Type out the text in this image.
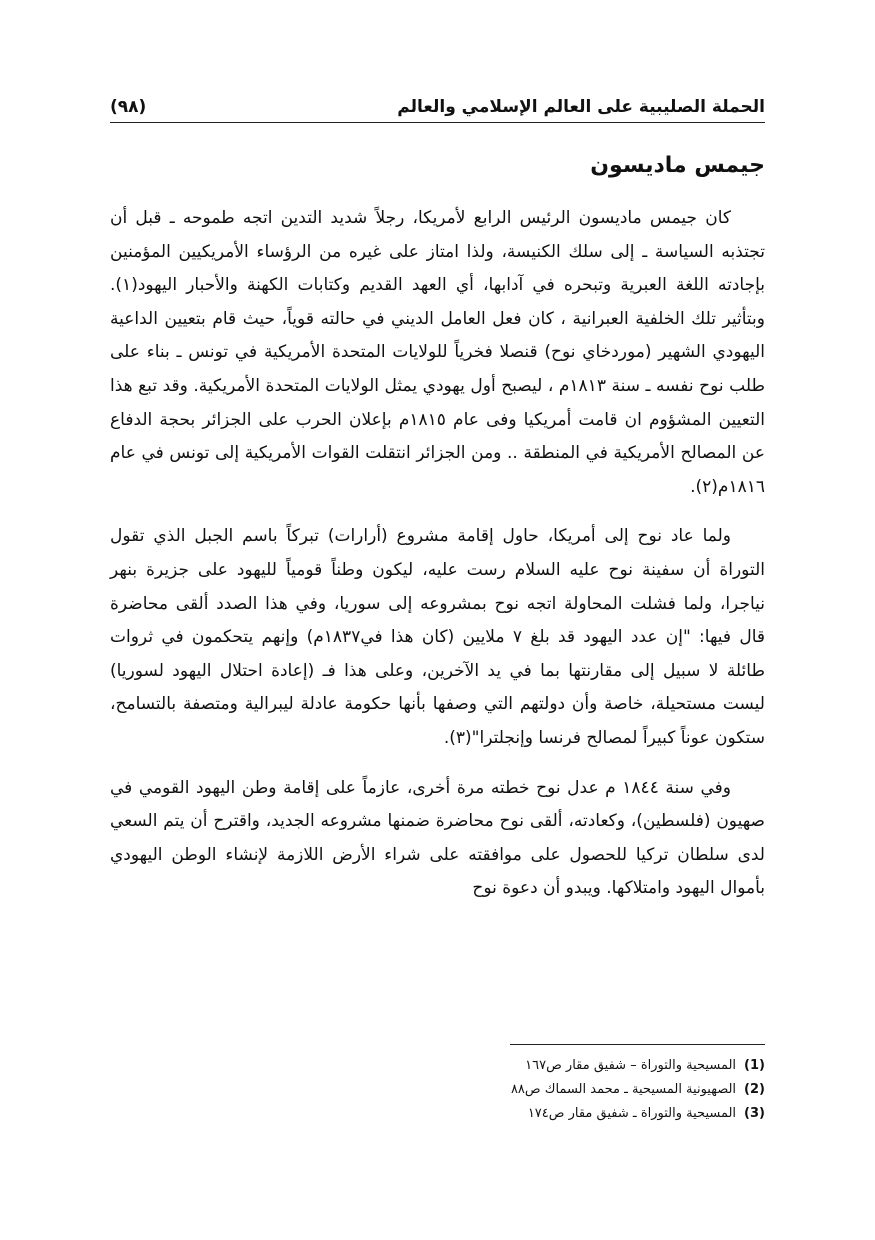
الحملة الصليبية على العالم الإسلامي والعالم
(٩٨)
جيمس ماديسون

كان جيمس ماديسون الرئيس الرابع لأمريكا، رجلاً شديد التدين اتجه طموحه ـ قبل أن تجتذبه السياسة ـ إلى سلك الكنيسة، ولذا امتاز على غيره من الرؤساء الأمريكيين المؤمنين بإجادته اللغة العبرية وتبحره في آدابها، أي العهد القديم وكتابات الكهنة والأحبار اليهود(١). وبتأثير تلك الخلفية العبرانية ، كان فعل العامل الديني في حالته قوياً، حيث قام بتعيين الداعية اليهودي الشهير (موردخاي نوح) قنصلا فخرياً للولايات المتحدة الأمريكية في تونس ـ بناء على طلب نوح نفسه ـ سنة ١٨١٣م ، ليصبح أول يهودي يمثل الولايات المتحدة الأمريكية. وقد تبع هذا التعيين المشؤوم ان قامت أمريكيا وفى عام ١٨١٥م بإعلان الحرب على الجزائر بحجة الدفاع عن المصالح الأمريكية في المنطقة .. ومن الجزائر انتقلت القوات الأمريكية إلى تونس في عام ١٨١٦م(٢).

ولما عاد نوح إلى أمريكا، حاول إقامة مشروع (أرارات) تبركاً باسم الجبل الذي تقول التوراة أن سفينة نوح عليه السلام رست عليه، ليكون وطناً قومياً لليهود على جزيرة بنهر نياجرا، ولما فشلت المحاولة اتجه نوح بمشروعه إلى سوريا، وفي هذا الصدد ألقى محاضرة قال فيها: "إن عدد اليهود قد بلغ ٧ ملايين (كان هذا في١٨٣٧م) وإنهم يتحكمون في ثروات طائلة لا سبيل إلى مقارنتها بما في يد الآخرين، وعلى هذا فـ (إعادة احتلال اليهود لسوريا) ليست مستحيلة، خاصة وأن دولتهم التي وصفها بأنها حكومة عادلة ليبرالية ومتصفة بالتسامح، ستكون عوناً كبيراً لمصالح فرنسا وإنجلترا"(٣).

وفي سنة ١٨٤٤ م عدل نوح خطته مرة أخرى، عازماً على إقامة وطن اليهود القومي في صهيون (فلسطين)، وكعادته، ألقى نوح محاضرة ضمنها مشروعه الجديد، واقترح أن يتم السعي لدى سلطان تركيا للحصول على موافقته على شراء الأرض اللازمة لإنشاء الوطن اليهودي بأموال اليهود وامتلاكها. ويبدو أن دعوة نوح

(1)
المسيحية والتوراة – شفيق مقار ص١٦٧
(2)
الصهيونية المسيحية ـ محمد السماك ص٨٨
(3)
المسيحية والتوراة ـ شفيق مقار ص١٧٤
